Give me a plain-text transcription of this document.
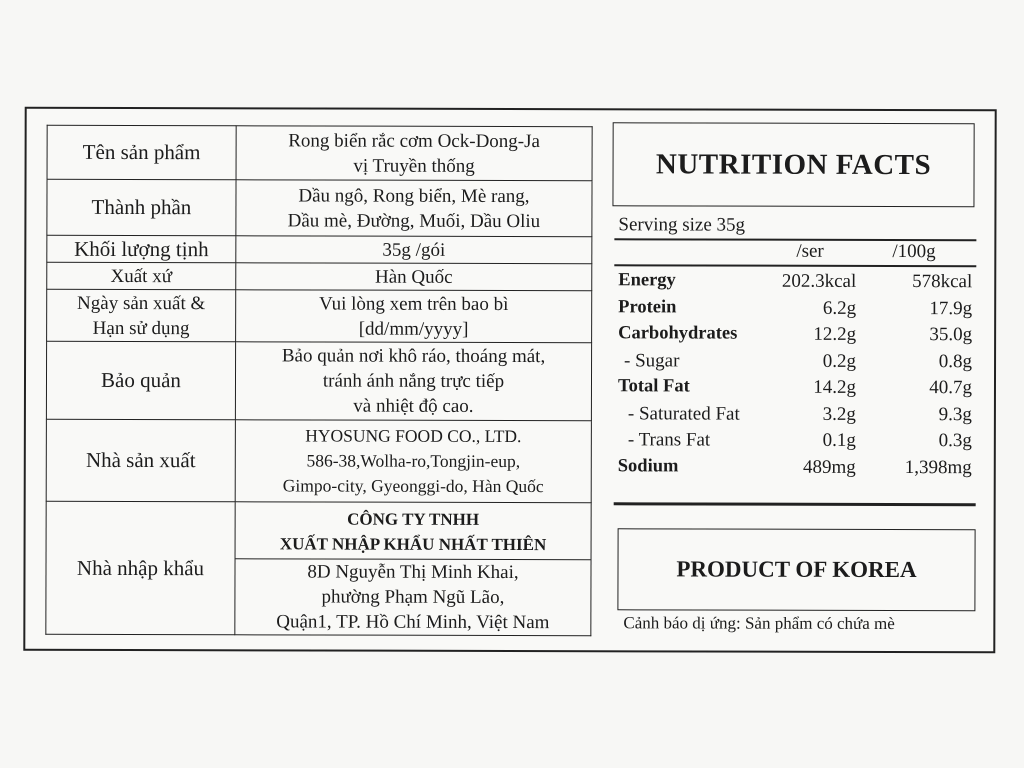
Tên sản phẩm	Rong biển rắc cơm Ock-Dong-Ja
vị Truyền thống

Thành phần	Dầu ngô, Rong biển, Mè rang,
Dầu mè, Đường, Muối, Dầu Oliu

Khối lượng tịnh	35g /gói
Xuất xứ	Hàn Quốc

Ngày sản xuất &
Hạn sử dụng	Vui lòng xem trên bao bì
[dd/mm/yyyy]

Bảo quản	Bảo quản nơi khô ráo, thoáng mát,
tránh ánh nắng trực tiếp
và nhiệt độ cao.

Nhà sản xuất	HYOSUNG FOOD CO., LTD.
586-38,Wolha-ro,Tongjin-eup,
Gimpo-city, Gyeonggi-do, Hàn Quốc

Nhà nhập khẩu	CÔNG TY TNHH
XUẤT NHẬP KHẨU NHẤT THIÊN
8D Nguyễn Thị Minh Khai,
phường Phạm Ngũ Lão,
Quận1, TP. Hồ Chí Minh, Việt Nam
NUTRITION FACTS
Serving size 35g
/ser	/100g
Energy	202.3kcal	578kcal
Protein	6.2g	17.9g
Carbohydrates	12.2g	35.0g
- Sugar	0.2g	0.8g
Total Fat	14.2g	40.7g
- Saturated Fat	3.2g	9.3g
- Trans Fat	0.1g	0.3g
Sodium	489mg	1,398mg
PRODUCT OF KOREA
Cảnh báo dị ứng: Sản phẩm có chứa mè
